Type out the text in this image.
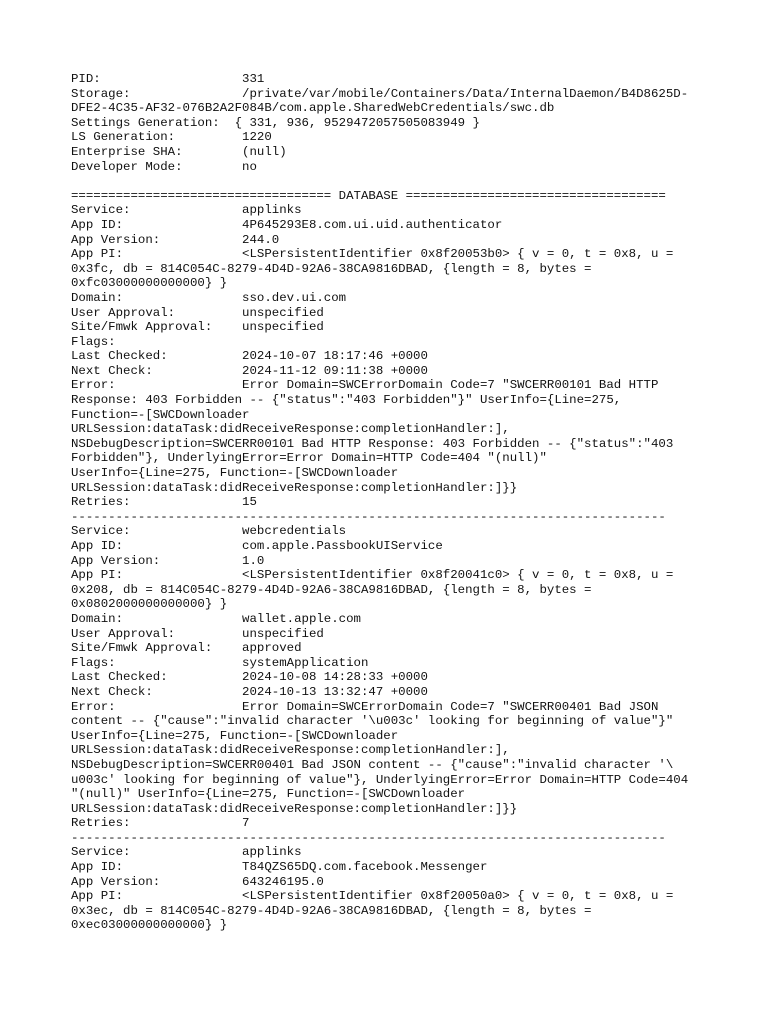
PID:                   331
Storage:               /private/var/mobile/Containers/Data/InternalDaemon/B4D8625D-
DFE2-4C35-AF32-076B2A2F084B/com.apple.SharedWebCredentials/swc.db
Settings Generation:  { 331, 936, 9529472057505083949 }
LS Generation:         1220
Enterprise SHA:        (null)
Developer Mode:        no
=================================== DATABASE ===================================
Service:               applinks
App ID:                4P645293E8.com.ui.uid.authenticator
App Version:           244.0
App PI:                <LSPersistentIdentifier 0x8f20053b0> { v = 0, t = 0x8, u =
0x3fc, db = 814C054C-8279-4D4D-92A6-38CA9816DBAD, {length = 8, bytes =
0xfc03000000000000} }
Domain:                sso.dev.ui.com
User Approval:         unspecified
Site/Fmwk Approval:    unspecified
Flags:
Last Checked:          2024-10-07 18:17:46 +0000
Next Check:            2024-11-12 09:11:38 +0000
Error:                 Error Domain=SWCErrorDomain Code=7 "SWCERR00101 Bad HTTP
Response: 403 Forbidden -- {"status":"403 Forbidden"}" UserInfo={Line=275,
Function=-[SWCDownloader
URLSession:dataTask:didReceiveResponse:completionHandler:],
NSDebugDescription=SWCERR00101 Bad HTTP Response: 403 Forbidden -- {"status":"403
Forbidden"}, UnderlyingError=Error Domain=HTTP Code=404 "(null)"
UserInfo={Line=275, Function=-[SWCDownloader
URLSession:dataTask:didReceiveResponse:completionHandler:]}}
Retries:               15
--------------------------------------------------------------------------------
Service:               webcredentials
App ID:                com.apple.PassbookUIService
App Version:           1.0
App PI:                <LSPersistentIdentifier 0x8f20041c0> { v = 0, t = 0x8, u =
0x208, db = 814C054C-8279-4D4D-92A6-38CA9816DBAD, {length = 8, bytes =
0x0802000000000000} }
Domain:                wallet.apple.com
User Approval:         unspecified
Site/Fmwk Approval:    approved
Flags:                 systemApplication
Last Checked:          2024-10-08 14:28:33 +0000
Next Check:            2024-10-13 13:32:47 +0000
Error:                 Error Domain=SWCErrorDomain Code=7 "SWCERR00401 Bad JSON
content -- {"cause":"invalid character '\u003c' looking for beginning of value"}"
UserInfo={Line=275, Function=-[SWCDownloader
URLSession:dataTask:didReceiveResponse:completionHandler:],
NSDebugDescription=SWCERR00401 Bad JSON content -- {"cause":"invalid character '\
u003c' looking for beginning of value"}, UnderlyingError=Error Domain=HTTP Code=404
"(null)" UserInfo={Line=275, Function=-[SWCDownloader
URLSession:dataTask:didReceiveResponse:completionHandler:]}}
Retries:               7
--------------------------------------------------------------------------------
Service:               applinks
App ID:                T84QZS65DQ.com.facebook.Messenger
App Version:           643246195.0
App PI:                <LSPersistentIdentifier 0x8f20050a0> { v = 0, t = 0x8, u =
0x3ec, db = 814C054C-8279-4D4D-92A6-38CA9816DBAD, {length = 8, bytes =
0xec03000000000000} }
